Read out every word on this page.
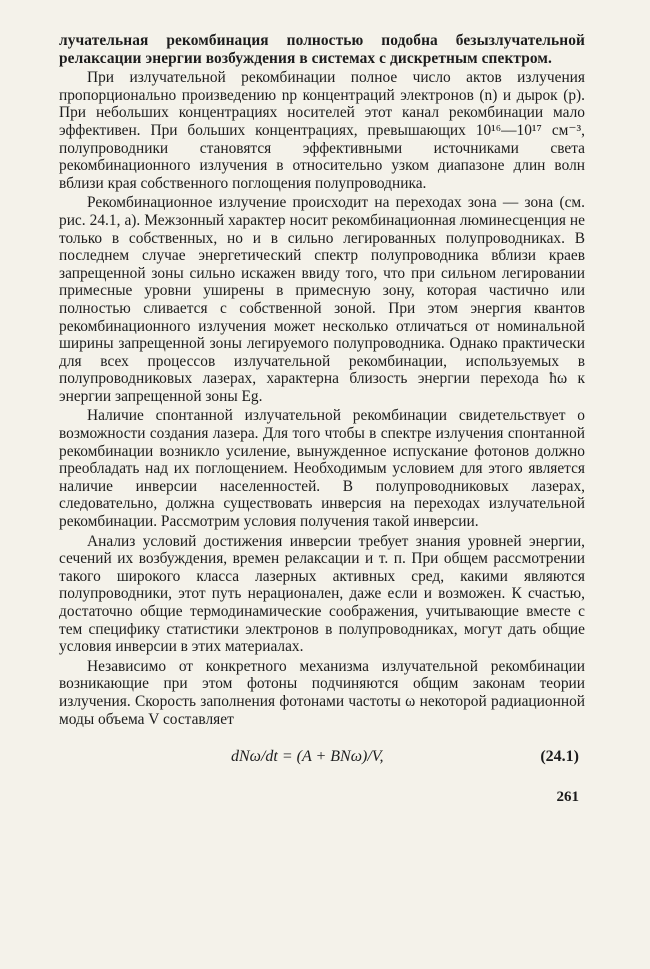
лучательная рекомбинация полностью подобна безызлучательной релаксации энергии возбуждения в системах с дискретным спектром.

При излучательной рекомбинации полное число актов излучения пропорционально произведению np концентраций электронов (n) и дырок (p). При небольших концентрациях носителей этот канал рекомбинации мало эффективен. При больших концентрациях, превышающих 10¹⁶—10¹⁷ см⁻³, полупроводники становятся эффективными источниками света рекомбинационного излучения в относительно узком диапазоне длин волн вблизи края собственного поглощения полупроводника.

Рекомбинационное излучение происходит на переходах зона — зона (см. рис. 24.1, а). Межзонный характер носит рекомбинационная люминесценция не только в собственных, но и в сильно легированных полупроводниках. В последнем случае энергетический спектр полупроводника вблизи краев запрещенной зоны сильно искажен ввиду того, что при сильном легировании примесные уровни уширены в примесную зону, которая частично или полностью сливается с собственной зоной. При этом энергия квантов рекомбинационного излучения может несколько отличаться от номинальной ширины запрещенной зоны легируемого полупроводника. Однако практически для всех процессов излучательной рекомбинации, используемых в полупроводниковых лазерах, характерна близость энергии перехода ħω к энергии запрещенной зоны Eg.

Наличие спонтанной излучательной рекомбинации свидетельствует о возможности создания лазера. Для того чтобы в спектре излучения спонтанной рекомбинации возникло усиление, вынужденное испускание фотонов должно преобладать над их поглощением. Необходимым условием для этого является наличие инверсии населенностей. В полупроводниковых лазерах, следовательно, должна существовать инверсия на переходах излучательной рекомбинации. Рассмотрим условия получения такой инверсии.

Анализ условий достижения инверсии требует знания уровней энергии, сечений их возбуждения, времен релаксации и т. п. При общем рассмотрении такого широкого класса лазерных активных сред, какими являются полупроводники, этот путь нерационален, даже если и возможен. К счастью, достаточно общие термодинамические соображения, учитывающие вместе с тем специфику статистики электронов в полупроводниках, могут дать общие условия инверсии в этих материалах.

Независимо от конкретного механизма излучательной рекомбинации возникающие при этом фотоны подчиняются общим законам теории излучения. Скорость заполнения фотонами частоты ω некоторой радиационной моды объема V составляет

dNω/dt = (A + BNω)/V,	(24.1)
261
